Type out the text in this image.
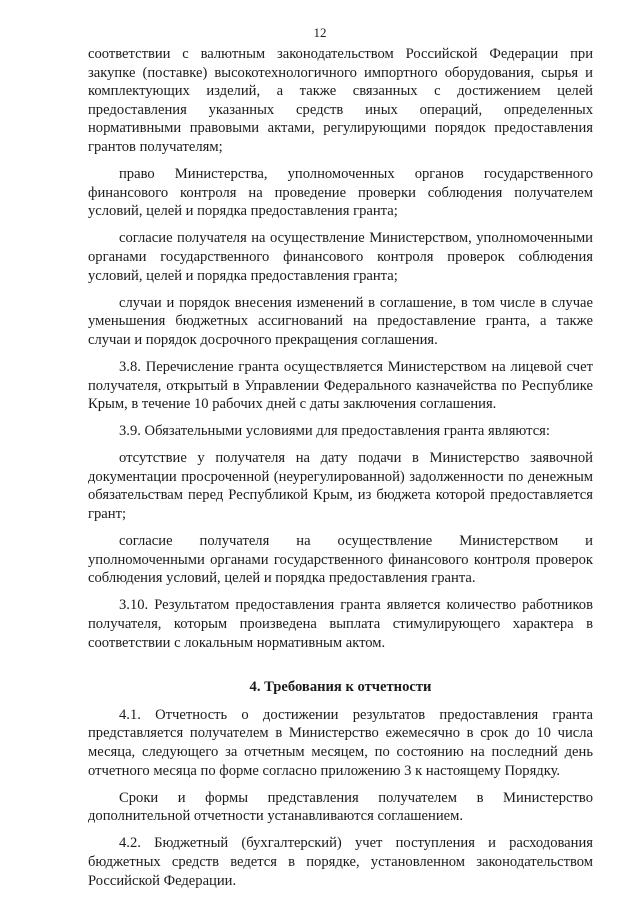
12

соответствии с валютным законодательством Российской Федерации при закупке (поставке) высокотехнологичного импортного оборудования, сырья и комплектующих изделий, а также связанных с достижением целей предоставления указанных средств иных операций, определенных нормативными правовыми актами, регулирующими порядок предоставления грантов получателям;

право Министерства, уполномоченных органов государственного финансового контроля на проведение проверки соблюдения получателем условий, целей и порядка предоставления гранта;

согласие получателя на осуществление Министерством, уполномоченными органами государственного финансового контроля проверок соблюдения условий, целей и порядка предоставления гранта;

случаи и порядок внесения изменений в соглашение, в том числе в случае уменьшения бюджетных ассигнований на предоставление гранта, а также случаи и порядок досрочного прекращения соглашения.

3.8. Перечисление гранта осуществляется Министерством на лицевой счет получателя, открытый в Управлении Федерального казначейства по Республике Крым, в течение 10 рабочих дней с даты заключения соглашения.

3.9. Обязательными условиями для предоставления гранта являются:

отсутствие у получателя на дату подачи в Министерство заявочной документации просроченной (неурегулированной) задолженности по денежным обязательствам перед Республикой Крым, из бюджета которой предоставляется грант;

согласие получателя на осуществление Министерством и уполномоченными органами государственного финансового контроля проверок соблюдения условий, целей и порядка предоставления гранта.

3.10. Результатом предоставления гранта является количество работников получателя, которым произведена выплата стимулирующего характера в соответствии с локальным нормативным актом.

4. Требования к отчетности

4.1. Отчетность о достижении результатов предоставления гранта представляется получателем в Министерство ежемесячно в срок до 10 числа месяца, следующего за отчетным месяцем, по состоянию на последний день отчетного месяца по форме согласно приложению 3 к настоящему Порядку.

Сроки и формы представления получателем в Министерство дополнительной отчетности устанавливаются соглашением.

4.2. Бюджетный (бухгалтерский) учет поступления и расходования бюджетных средств ведется в порядке, установленном законодательством Российской Федерации.
